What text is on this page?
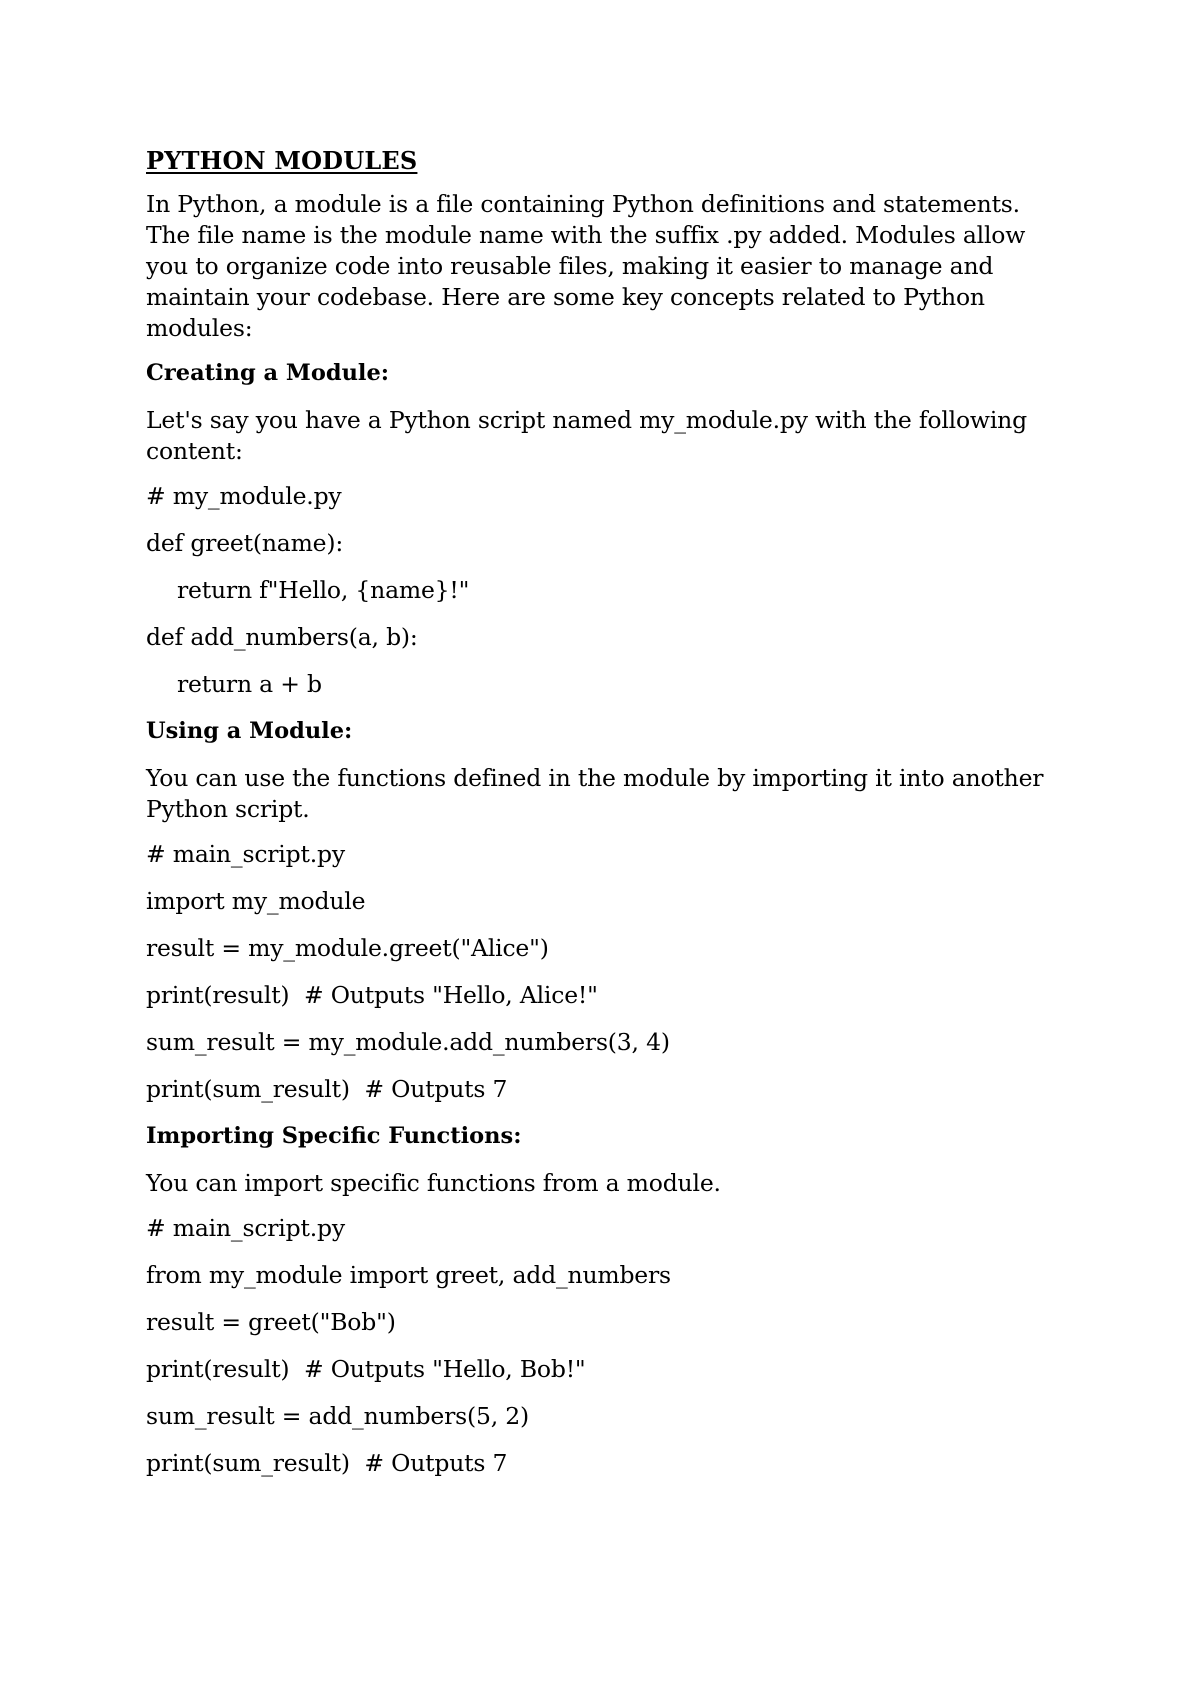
PYTHON MODULES

In Python, a module is a file containing Python definitions and statements. The file name is the module name with the suffix .py added. Modules allow you to organize code into reusable files, making it easier to manage and maintain your codebase. Here are some key concepts related to Python modules:

Creating a Module:

Let's say you have a Python script named my_module.py with the following content:

# my_module.py
def greet(name):
return f"Hello, {name}!"
def add_numbers(a, b):
return a + b
Using a Module:

You can use the functions defined in the module by importing it into another Python script.

# main_script.py
import my_module
result = my_module.greet("Alice")
print(result)  # Outputs "Hello, Alice!"
sum_result = my_module.add_numbers(3, 4)
print(sum_result)  # Outputs 7
Importing Specific Functions:

You can import specific functions from a module.

# main_script.py
from my_module import greet, add_numbers
result = greet("Bob")
print(result)  # Outputs "Hello, Bob!"
sum_result = add_numbers(5, 2)
print(sum_result)  # Outputs 7
